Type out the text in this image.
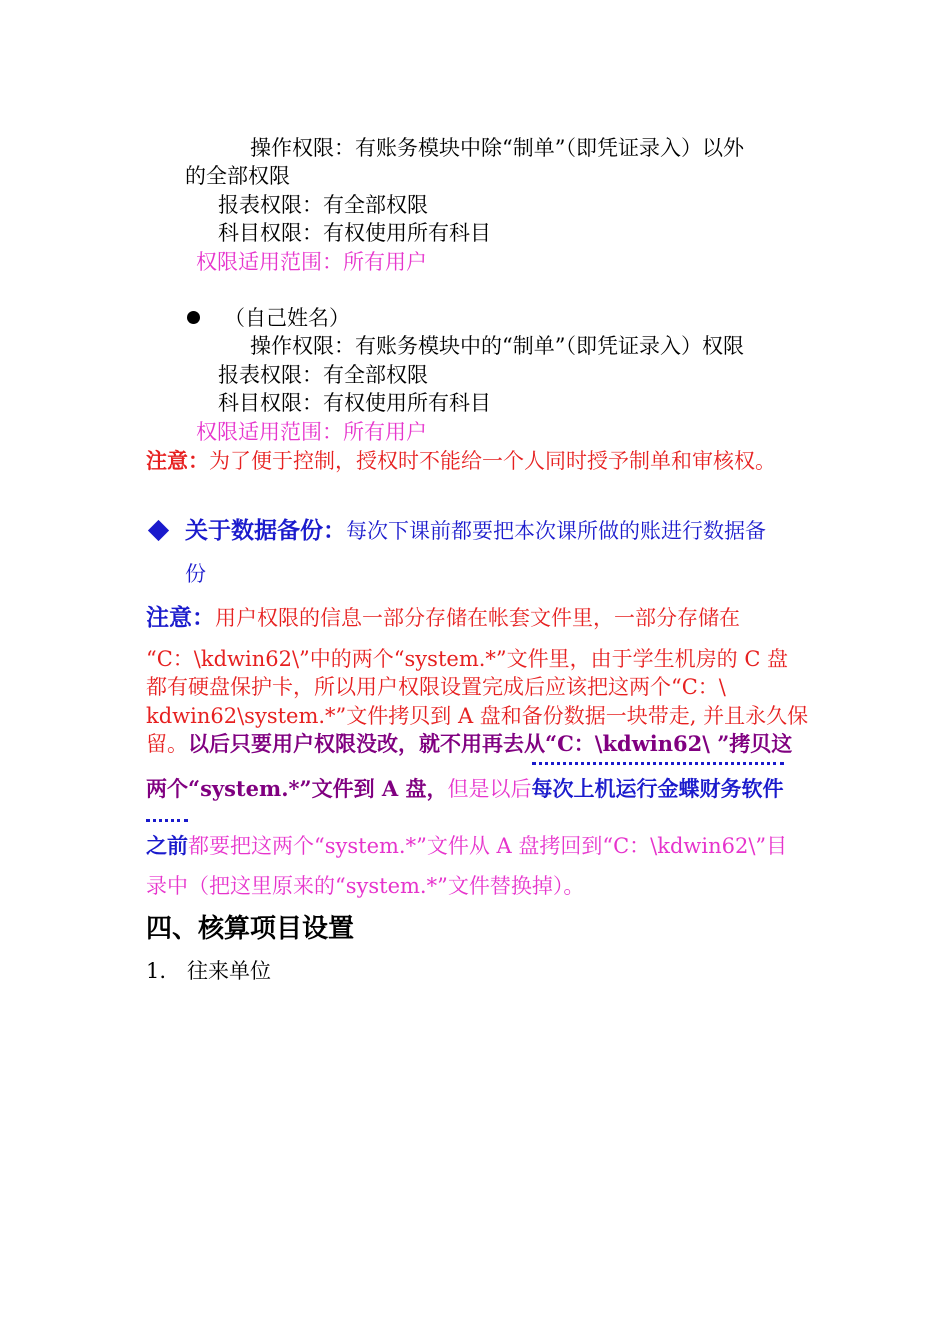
操作权限：有账务模块中除“制单”（即凭证录入）以外
的全部权限
报表权限：有全部权限
科目权限：有权使用所有科目
权限适用范围：所有用户
（自己姓名）
操作权限：有账务模块中的“制单”（即凭证录入）权限
报表权限：有全部权限
科目权限：有权使用所有科目
权限适用范围：所有用户
注意：为了便于控制，授权时不能给一个人同时授予制单和审核权。
关于数据备份：每次下课前都要把本次课所做的账进行数据备
份
注意：用户权限的信息一部分存储在帐套文件里，一部分存储在
“C：\kdwin62\”中的两个“system.*”文件里，由于学生机房的 C 盘
都有硬盘保护卡，所以用户权限设置完成后应该把这两个“C：\
kdwin62\system.*”文件拷贝到 A 盘和备份数据一块带走, 并且永久保
留。以后只要用户权限没改，就不用再去从“C：\kdwin62\ ”拷贝这
两个“system.*”文件到 A 盘，但是以后每次上机运行金蝶财务软件
之前
都要把这两个“system.*”文件从 A 盘拷回到“C：\kdwin62\”目
录中（把这里原来的“system.*”文件替换掉）。
四、核算项目设置
1. 往来单位
